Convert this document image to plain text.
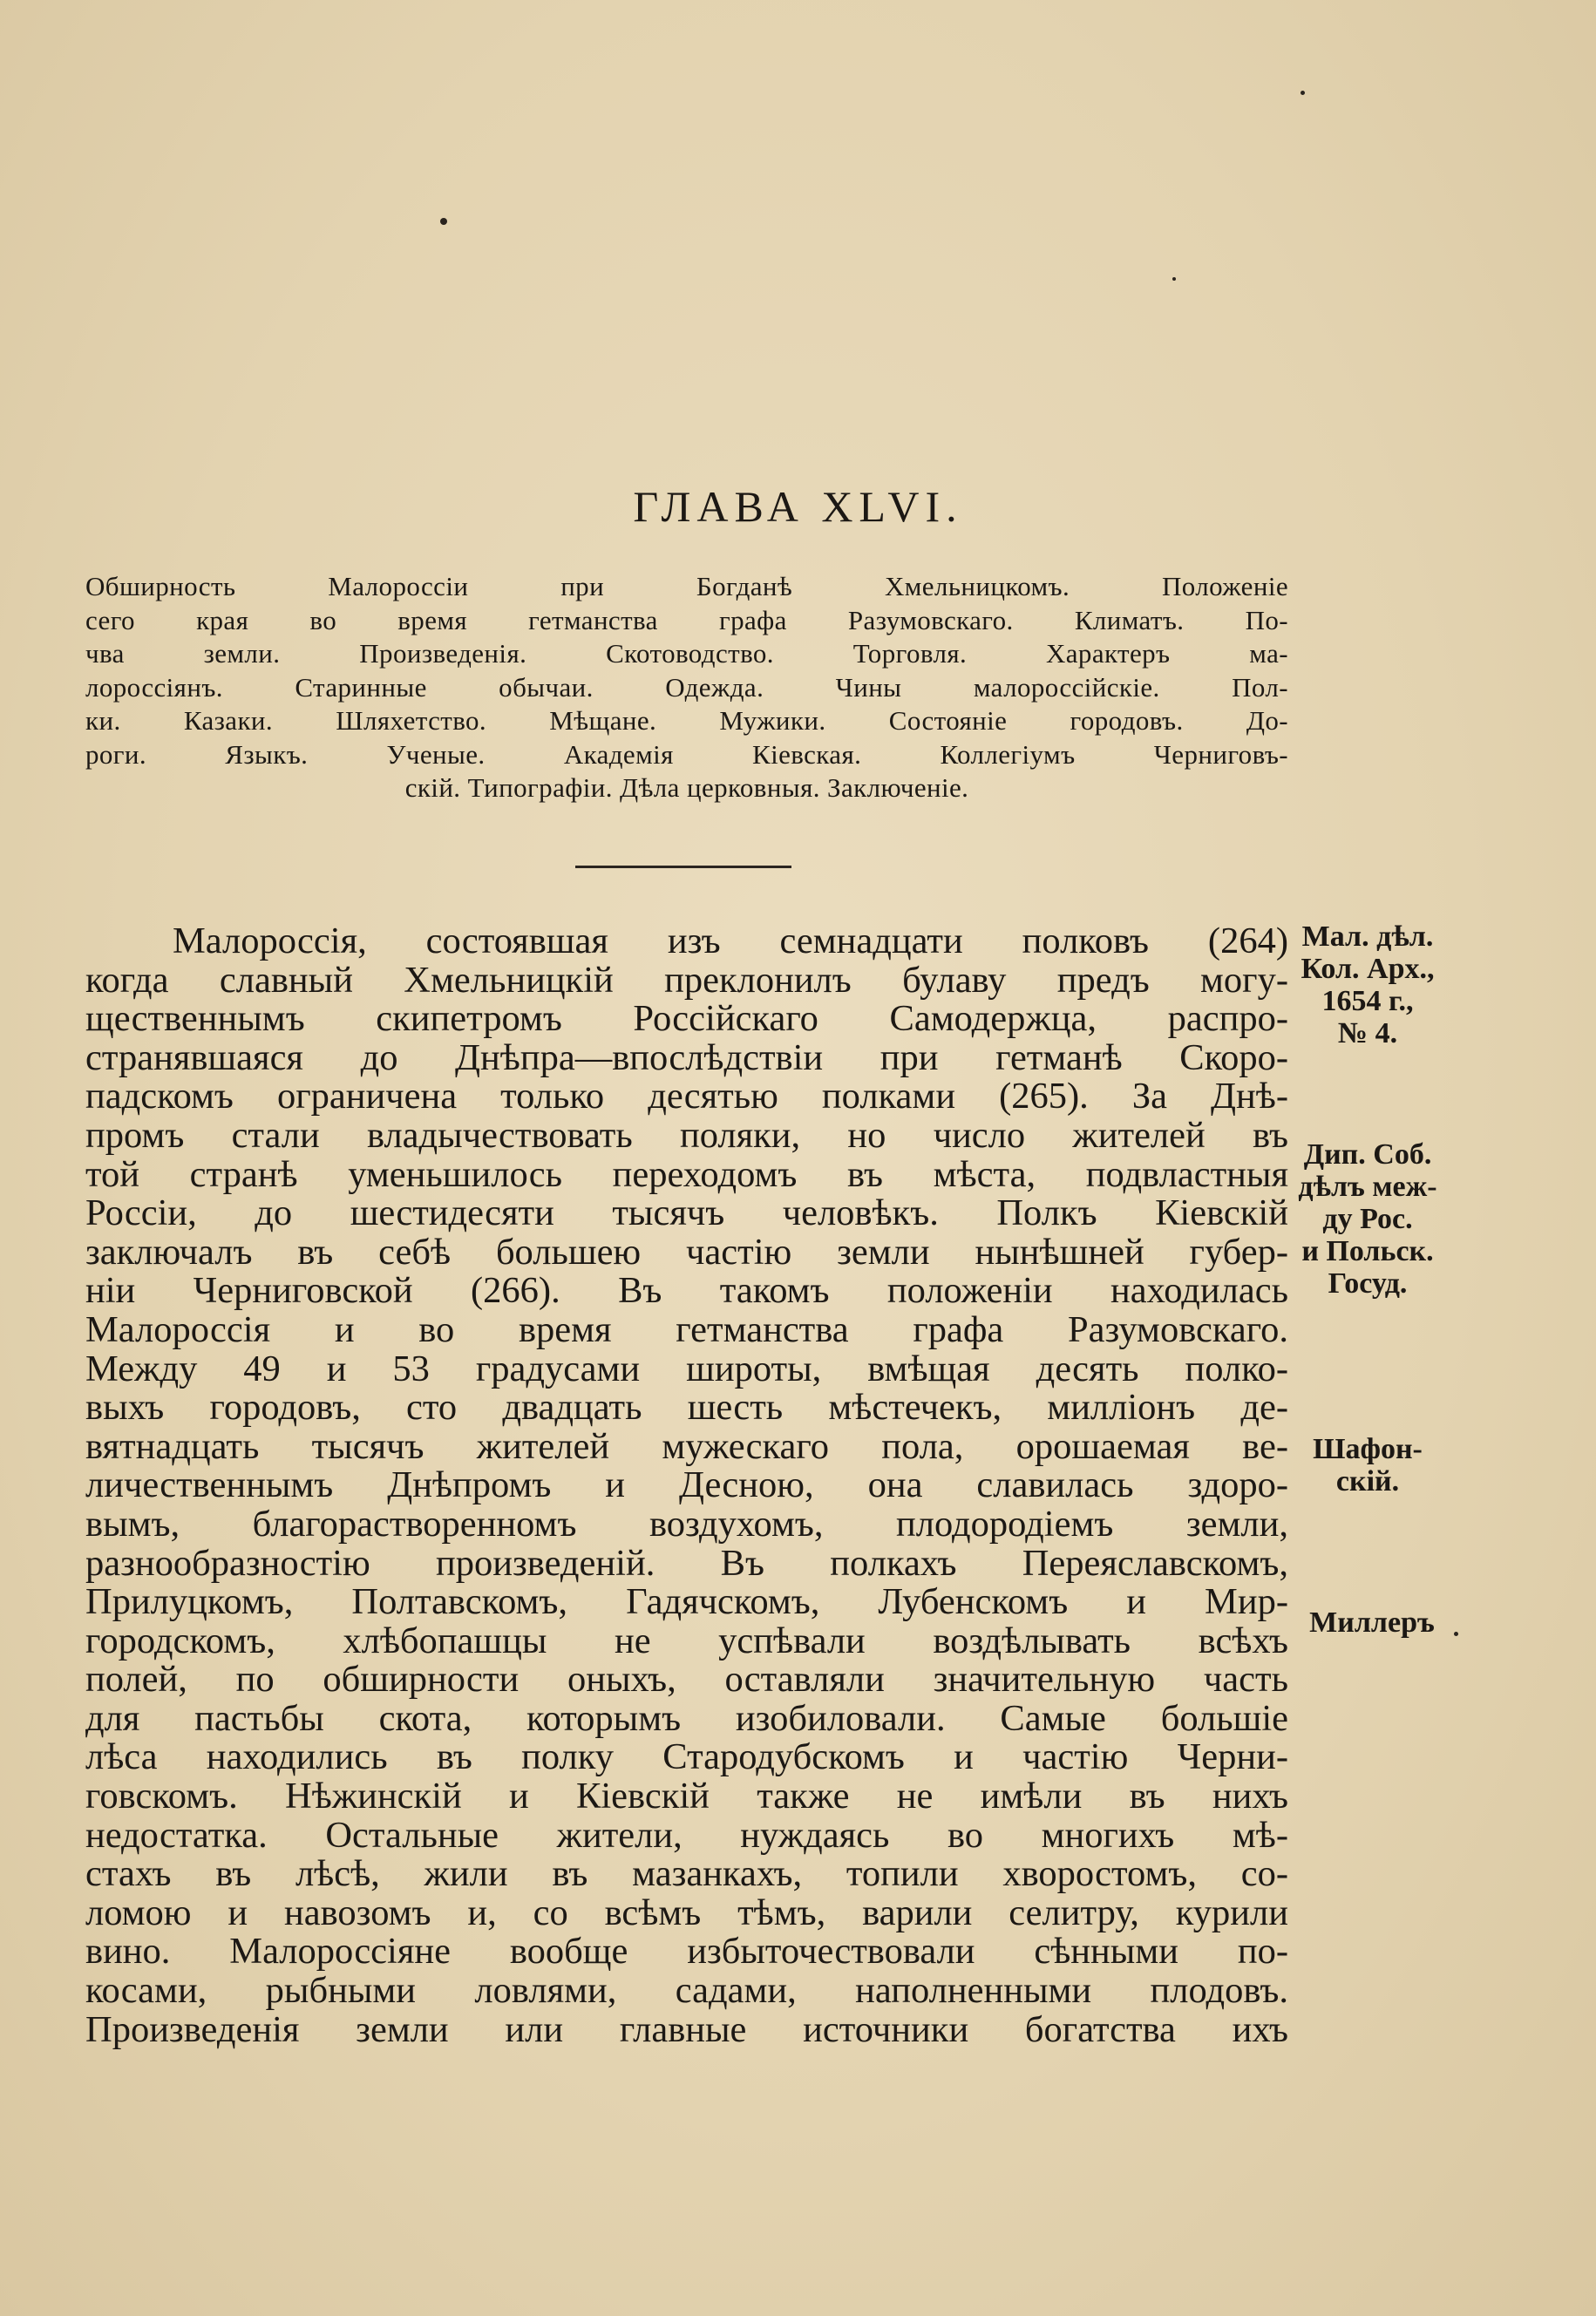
ГЛАВА XLVI.
Обширность Малороссіи при Богданѣ Хмельницкомъ. Положеніе
сего края во время гетманства графа Разумовскаго. Климатъ. По-
чва земли. Произведенія. Скотоводство. Торговля. Характеръ ма-
лороссіянъ. Старинные обычаи. Одежда. Чины малороссійскіе. Пол-
ки. Казаки. Шляхетство. Мѣщане. Мужики. Состояніе городовъ. До-
роги. Языкъ. Ученые. Академія Кіевская. Коллегіумъ Черниговъ-
скій. Типографіи. Дѣла церковныя. Заключеніе.
Малороссія, состоявшая изъ семнадцати полковъ (264)
когда славный Хмельницкій преклонилъ булаву предъ могу-
щественнымъ скипетромъ Россійскаго Самодержца, распро-
странявшаяся до Днѣпра—впослѣдствіи при гетманѣ Скоро-
падскомъ ограничена только десятью полками (265). За Днѣ-
промъ стали владычествовать поляки, но число жителей въ
той странѣ уменьшилось переходомъ въ мѣста, подвластныя
Россіи, до шестидесяти тысячъ человѣкъ. Полкъ Кіевскій
заключалъ въ себѣ большею частію земли нынѣшней губер-
ніи Черниговской (266). Въ такомъ положеніи находилась
Малороссія и во время гетманства графа Разумовскаго.
Между 49 и 53 градусами широты, вмѣщая десять полко-
выхъ городовъ, сто двадцать шесть мѣстечекъ, милліонъ де-
вятнадцать тысячъ жителей мужескаго пола, орошаемая ве-
личественнымъ Днѣпромъ и Десною, она славилась здоро-
вымъ, благорастворенномъ воздухомъ, плодородіемъ земли,
разнообразностію произведеній. Въ полкахъ Переяславскомъ,
Прилуцкомъ, Полтавскомъ, Гадячскомъ, Лубенскомъ и Мир-
городскомъ, хлѣбопашцы не успѣвали воздѣлывать всѣхъ
полей, по обширности оныхъ, оставляли значительную часть
для пастьбы скота, которымъ изобиловали. Самые большіе
лѣса находились въ полку Стародубскомъ и частію Черни-
говскомъ. Нѣжинскій и Кіевскій также не имѣли въ нихъ
недостатка. Остальные жители, нуждаясь во многихъ мѣ-
стахъ въ лѣсѣ, жили въ мазанкахъ, топили хворостомъ, со-
ломою и навозомъ и, со всѣмъ тѣмъ, варили селитру, курили
вино. Малороссіяне вообще избыточествовали сѣнными по-
косами, рыбными ловлями, садами, наполненными плодовъ.
Произведенія земли или главные источники богатства ихъ
Мал. дѣл.
Кол. Арх.,
1654 г.,
№ 4.
Дип. Соб.
дѣлъ меж-
ду Рос.
и Польск.
Госуд.
Шафон-
скій.
Миллеръ
